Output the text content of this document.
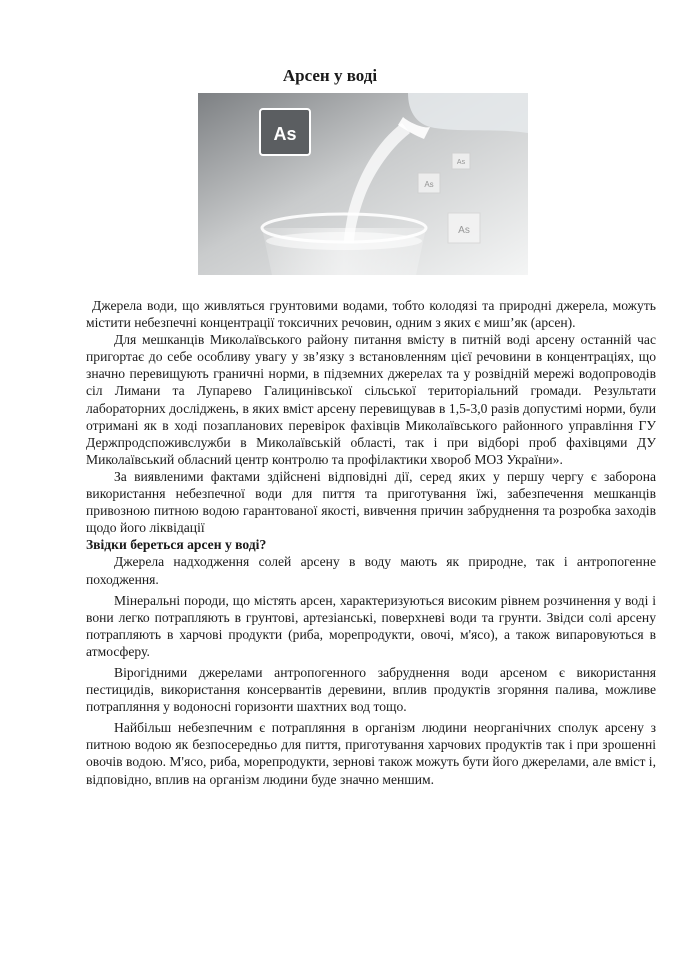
Арсен у воді
As
As
As
As

Джерела води, що живляться грунтовими водами, тобто колодязі та природні джерела, можуть містити небезпечні концентрації токсичних речовин, одним з яких є миш’як (арсен).

Для мешканців Миколаївського району питання вмісту в питній воді арсену останній час пригортає до себе особливу увагу у зв’язку з встановленням цієї речовини в концентраціях, що значно перевищують граничні норми, в підземних джерелах та у розвідній мережі водопроводів сіл Лимани та Лупарево Галицинівської сільської територіальний громади. Результати лабораторних досліджень, в яких вміст арсену перевищував в 1,5-3,0 разів допустимі норми, були отримані як в ході позапланових перевірок фахівців Миколаївського районного управління ГУ Держпродспоживслужби в Миколаївській області, так і при відборі проб фахівцями ДУ Миколаївський обласний центр контролю та профілактики хвороб МОЗ України».

За виявленими фактами здійснені відповідні дії, серед яких у першу чергу є заборона використання небезпечної води для пиття та приготування їжі, забезпечення мешканців привозною питною водою гарантованої якості, вивчення причин забруднення та розробка заходів щодо його ліквідації

Звідки береться арсен у воді?

Джерела надходження солей арсену в воду мають як природне, так і антропогенне походження.

Мінеральні породи, що містять арсен, характеризуються високим рівнем розчинення у воді і вони легко потрапляють в грунтові, артезіанські, поверхневі води та грунти. Звідси солі арсену потрапляють в харчові продукти (риба, морепродукти, овочі, м'ясо), а також випаровуються в атмосферу.

Вірогідними джерелами антропогенного забруднення води арсеном є використання пестицидів, використання консервантів деревини, вплив продуктів згоряння палива, можливе потрапляння у водоносні горизонти шахтних вод тощо.

Найбільш небезпечним є потрапляння в організм людини неорганічних сполук арсену з питною водою як безпосередньо для пиття, приготування харчових продуктів так і при зрошенні овочів водою. М'ясо, риба, морепродукти, зернові також можуть бути його джерелами, але вміст і, відповідно, вплив на організм людини буде значно меншим.
